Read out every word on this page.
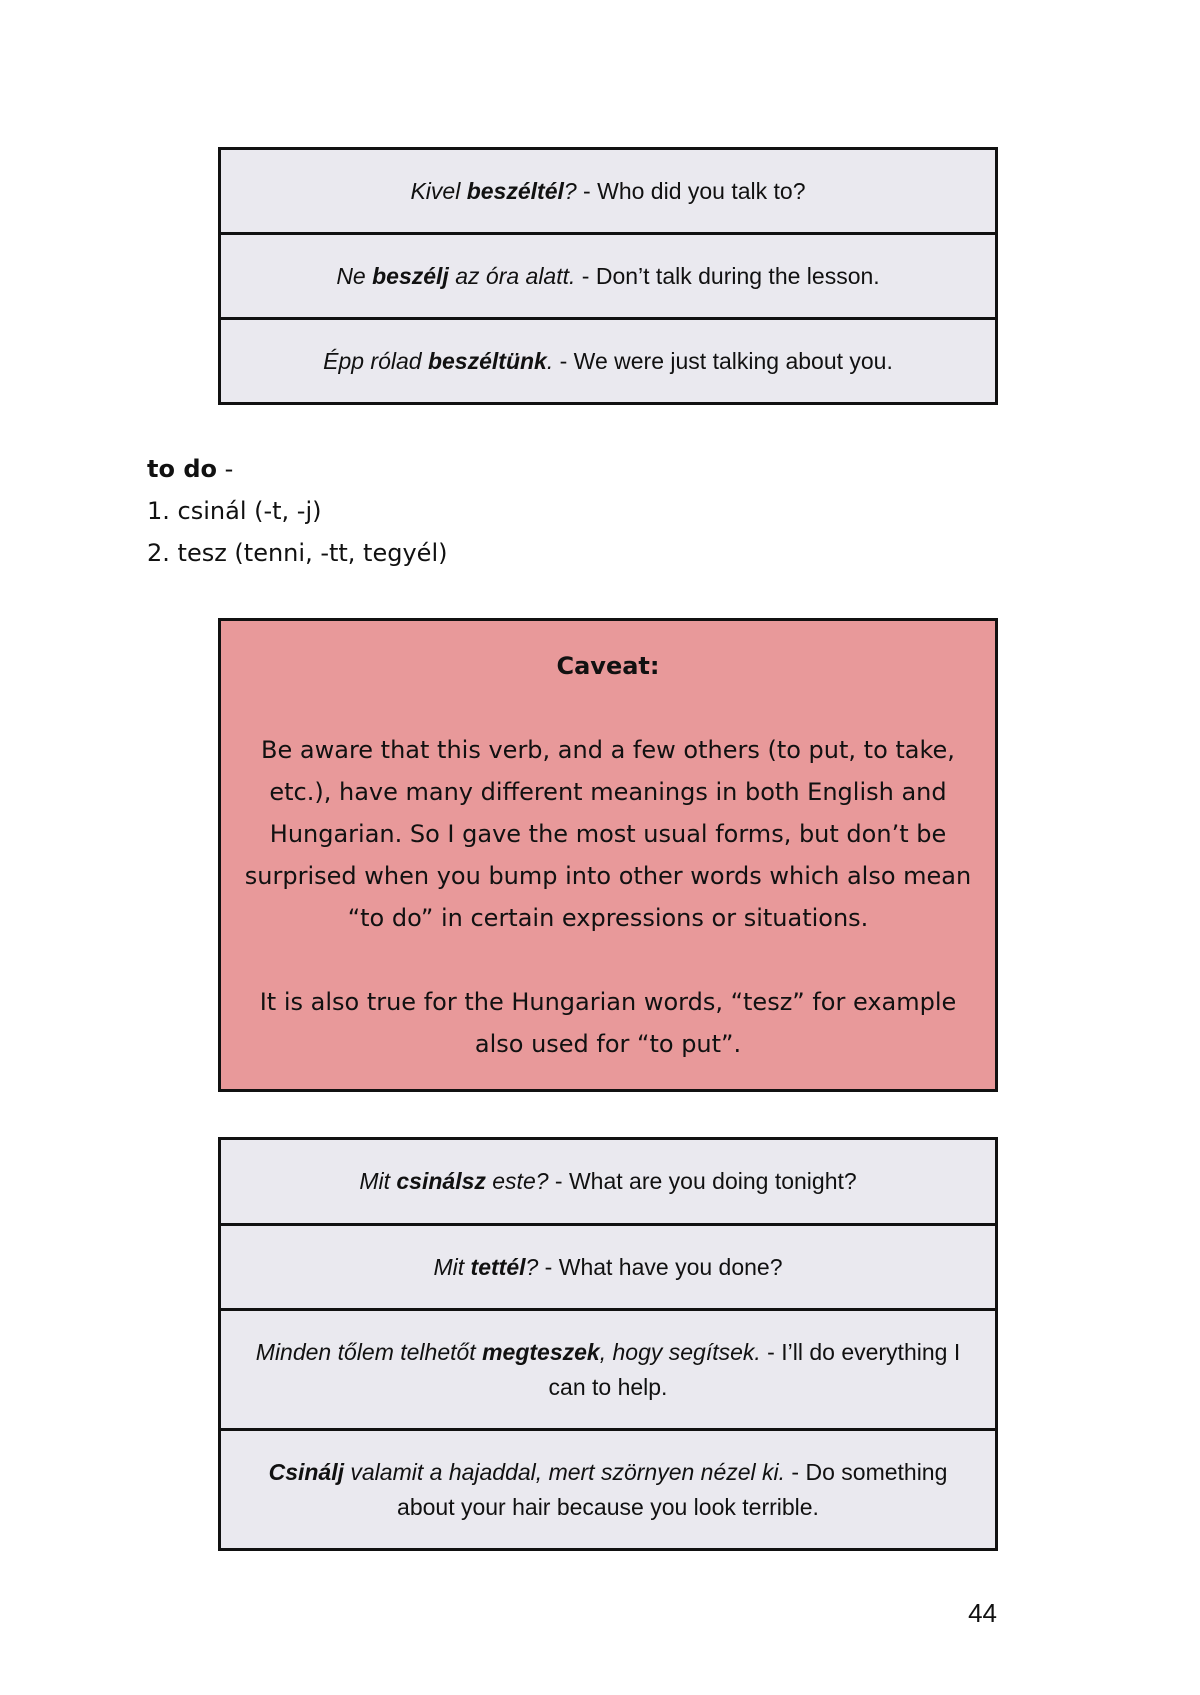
Kivel beszéltél? - Who did you talk to?
Ne beszélj az óra alatt. - Don’t talk during the lesson.
Épp rólad beszéltünk. - We were just talking about you.
to do -
1. csinál (-t, -j)
2. tesz (tenni, -tt, tegyél)
Caveat:
Be aware that this verb, and a few others (to put, to take,
etc.), have many different meanings in both English and
Hungarian. So I gave the most usual forms, but don’t be
surprised when you bump into other words which also mean
“to do” in certain expressions or situations.
It is also true for the Hungarian words, “tesz” for example
also used for “to put”.
Mit csinálsz este? - What are you doing tonight?
Mit tettél? - What have you done?
Minden tőlem telhetőt megteszek, hogy segítsek. - I’ll do everything I can to help.
Csinálj valamit a hajaddal, mert szörnyen nézel ki. - Do something about your hair because you look terrible.
44
